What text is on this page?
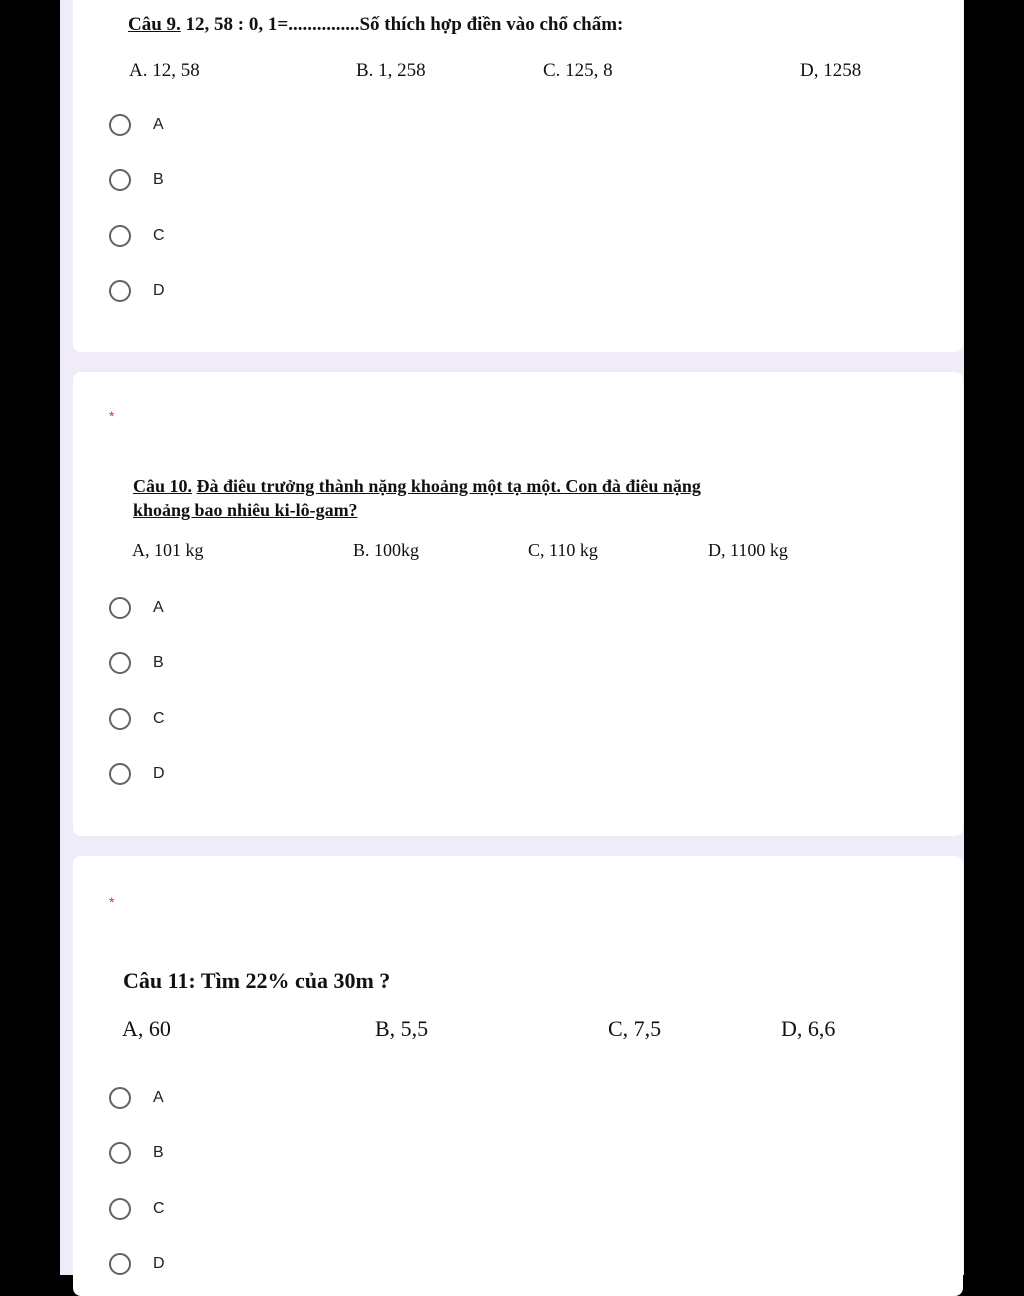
Câu 9. 12, 58 : 0, 1=...............Số thích hợp điền vào chổ chấm:
A. 12, 58	B. 1, 258	C. 125, 8	D, 1258
A
B
C
D
*
Câu 10. Đà điêu trưởng thành nặng khoảng một tạ một. Con đà điêu nặng
khoảng bao nhiêu ki-lô-gam?
A, 101 kg	B. 100kg	C, 110 kg	D, 1100 kg
A
B
C
D
*
Câu 11: Tìm 22% của 30m ?
A, 60	B, 5,5	C, 7,5	D, 6,6
A
B
C
D
